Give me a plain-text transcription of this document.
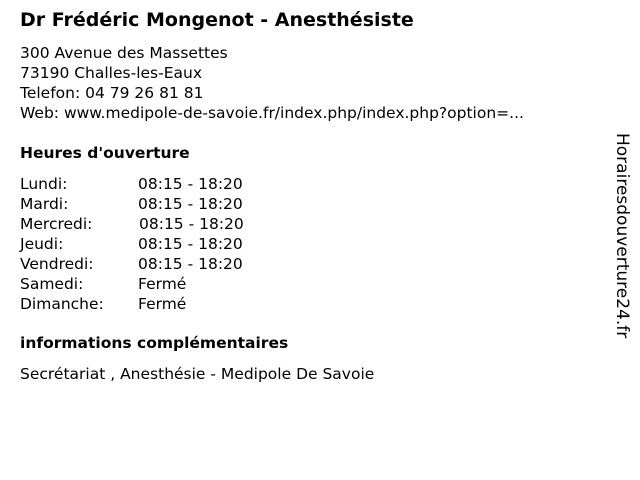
Dr Frédéric Mongenot - Anesthésiste
300 Avenue des Massettes
73190 Challes-les-Eaux
Telefon: 04 79 26 81 81
Web: www.medipole-de-savoie.fr/index.php/index.php?option=...
Heures d'ouverture
Lundi:	08:15 - 18:20
Mardi:	08:15 - 18:20
Mercredi:	08:15 - 18:20
Jeudi:	08:15 - 18:20
Vendredi:	08:15 - 18:20
Samedi:	Fermé
Dimanche: Fermé
informations complémentaires
Secrétariat , Anesthésie - Medipole De Savoie
Horairesdouverture24.fr
